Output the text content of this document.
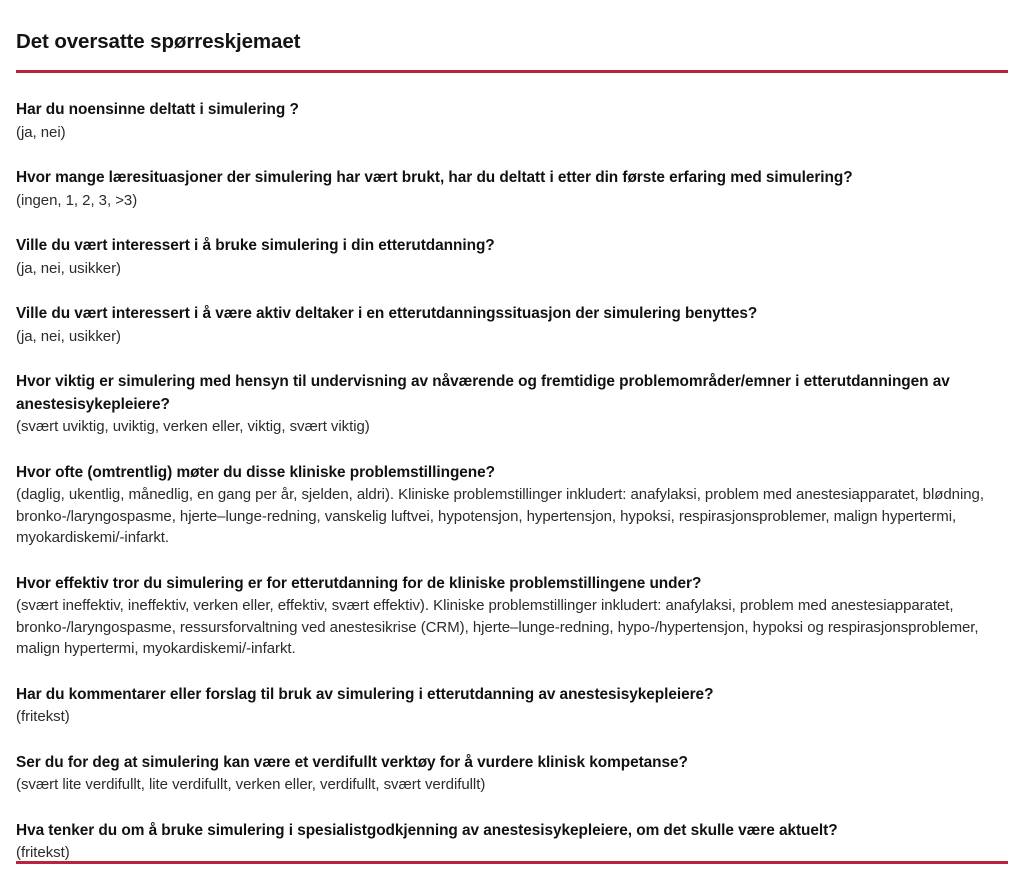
Det oversatte spørreskjemaet

Har du noensinne deltatt i simulering ?

(ja, nei)

Hvor mange læresituasjoner der simulering har vært brukt, har du deltatt i etter din første erfaring med simulering?

(ingen, 1, 2, 3, >3)

Ville du vært interessert i å bruke simulering i din etterutdanning?

(ja, nei, usikker)

Ville du vært interessert i å være aktiv deltaker i en etterutdanningssituasjon der simulering benyttes?

(ja, nei, usikker)

Hvor viktig er simulering med hensyn til undervisning av nåværende og fremtidige problemområder/emner i etterutdanningen av anestesisykepleiere?

(svært uviktig, uviktig, verken eller, viktig, svært viktig)

Hvor ofte (omtrentlig) møter du disse kliniske problemstillingene?

(daglig, ukentlig, månedlig, en gang per år, sjelden, aldri). Kliniske problemstillinger inkludert: anafylaksi, problem med anestesiapparatet, blødning, bronko-/laryngospasme, hjerte–lunge-redning, vanskelig luftvei, hypotensjon, hypertensjon, hypoksi, respirasjonsproblemer, malign hypertermi, myokardiskemi/-infarkt.

Hvor effektiv tror du simulering er for etterutdanning for de kliniske problemstillingene under?

(svært ineffektiv, ineffektiv, verken eller, effektiv, svært effektiv). Kliniske problemstillinger inkludert: anafylaksi, problem med anestesiapparatet, bronko-/laryngospasme, ressursforvaltning ved anestesikrise (CRM), hjerte–lunge-redning, hypo-/hypertensjon, hypoksi og respirasjonsproblemer, malign hypertermi, myokardiskemi/-infarkt.

Har du kommentarer eller forslag til bruk av simulering i etterutdanning av anestesisykepleiere?

(fritekst)

Ser du for deg at simulering kan være et verdifullt verktøy for å vurdere klinisk kompetanse?

(svært lite verdifullt, lite verdifullt, verken eller, verdifullt, svært verdifullt)

Hva tenker du om å bruke simulering i spesialistgodkjenning av anestesisykepleiere, om det skulle være aktuelt?

(fritekst)
